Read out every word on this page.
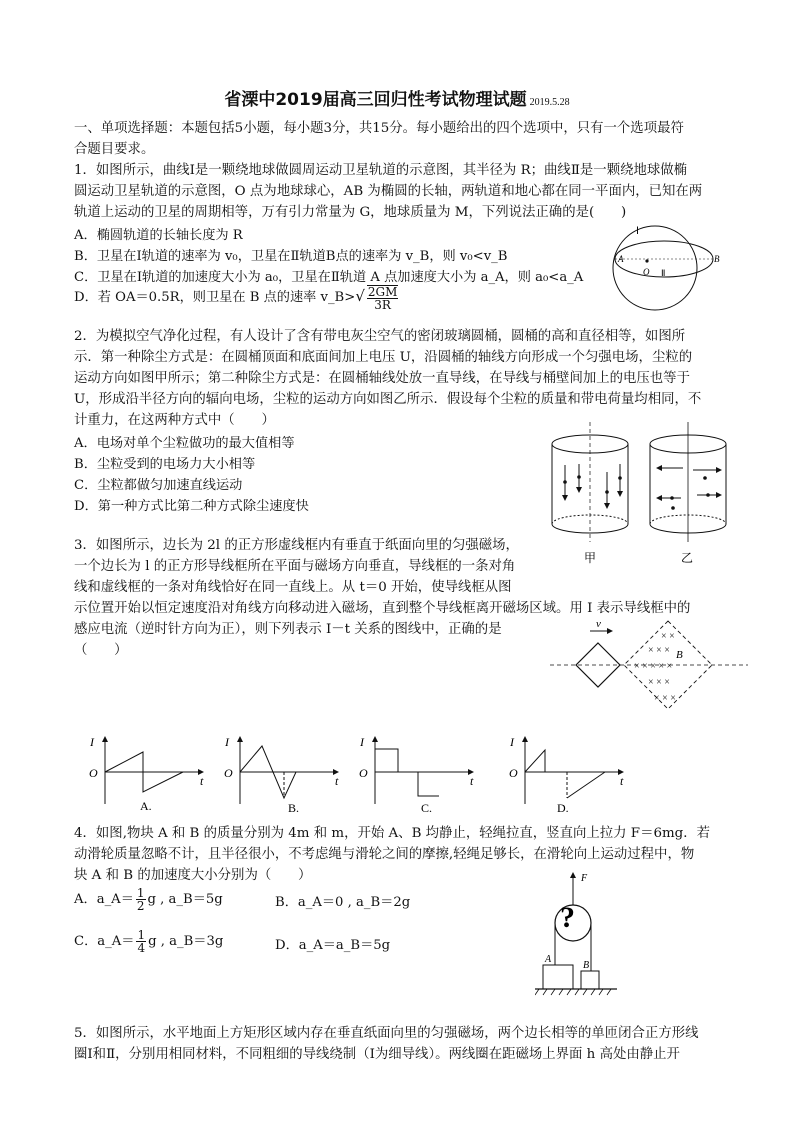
省溧中2019届高三回归性考试物理试题 2019.5.28
一、单项选择题：本题包括5小题，每小题3分，共15分。每小题给出的四个选项中，只有一个选项最符
合题目要求。
1．如图所示，曲线Ⅰ是一颗绕地球做圆周运动卫星轨道的示意图，其半径为 R；曲线Ⅱ是一颗绕地球做椭
圆运动卫星轨道的示意图，O 点为地球球心，AB 为椭圆的长轴，两轨道和地心都在同一平面内，已知在两
轨道上运动的卫星的周期相等，万有引力常量为 G，地球质量为 M，下列说法正确的是(　　)
A．椭圆轨道的长轴长度为 R
B．卫星在Ⅰ轨道的速率为 v₀，卫星在Ⅱ轨道B点的速率为 v_B，则 v₀<v_B
C．卫星在Ⅰ轨道的加速度大小为 a₀，卫星在Ⅱ轨道 A 点加速度大小为 a_A，则 a₀<a_A
D．若 OA＝0.5R，则卫星在 B 点的速率 v_B>√ $\frac{2GM}{3R}$
Ⅰ
A	B
O Ⅱ
2．为模拟空气净化过程，有人设计了含有带电灰尘空气的密闭玻璃圆桶，圆桶的高和直径相等，如图所
示．第一种除尘方式是：在圆桶顶面和底面间加上电压 U，沿圆桶的轴线方向形成一个匀强电场，尘粒的
运动方向如图甲所示；第二种除尘方式是：在圆桶轴线处放一直导线，在导线与桶壁间加上的电压也等于
U，形成沿半径方向的辐向电场，尘粒的运动方向如图乙所示．假设每个尘粒的质量和带电荷量均相同，不
计重力，在这两种方式中（　　）
A．电场对单个尘粒做功的最大值相等
B．尘粒受到的电场力大小相等
C．尘粒都做匀加速直线运动
D．第一种方式比第二种方式除尘速度快
甲	乙
3．如图所示，边长为 2l 的正方形虚线框内有垂直于纸面向里的匀强磁场，
一个边长为 l 的正方形导线框所在平面与磁场方向垂直，导线框的一条对角
线和虚线框的一条对角线恰好在同一直线上。从 t＝0 开始，使导线框从图
示位置开始以恒定速度沿对角线方向移动进入磁场，直到整个导线框离开磁场区域。用 I 表示导线框中的
感应电流（逆时针方向为正），则下列表示 I－t 关系的图线中，正确的是
（　　）
v
× ×
× × ×
× × × × ×
× × ×
× × ×
B
I
O
t
A.
I
O
t
B.
I
O
t
C.
I
O
t
D.
4．如图,物块 A 和 B 的质量分别为 4m 和 m，开始 A、B 均静止，轻绳拉直，竖直向上拉力 F＝6mg．若
动滑轮质量忽略不计，且半径很小，不考虑绳与滑轮之间的摩擦,轻绳足够长，在滑轮向上运动过程中，物
块 A 和 B 的加速度大小分别为（　　）
A．a_A＝ $\frac{1}{2}$ g , a_B＝5g	B．a_A＝0 , a_B＝2g
C．a_A＝ $\frac{1}{4}$ g , a_B＝3g	D．a_A＝a_B＝5g
F
?
A
B
5．如图所示，水平地面上方矩形区域内存在垂直纸面向里的匀强磁场，两个边长相等的单匝闭合正方形线
圈Ⅰ和Ⅱ，分别用相同材料，不同粗细的导线绕制（Ⅰ为细导线）。两线圈在距磁场上界面 h 高处由静止开
